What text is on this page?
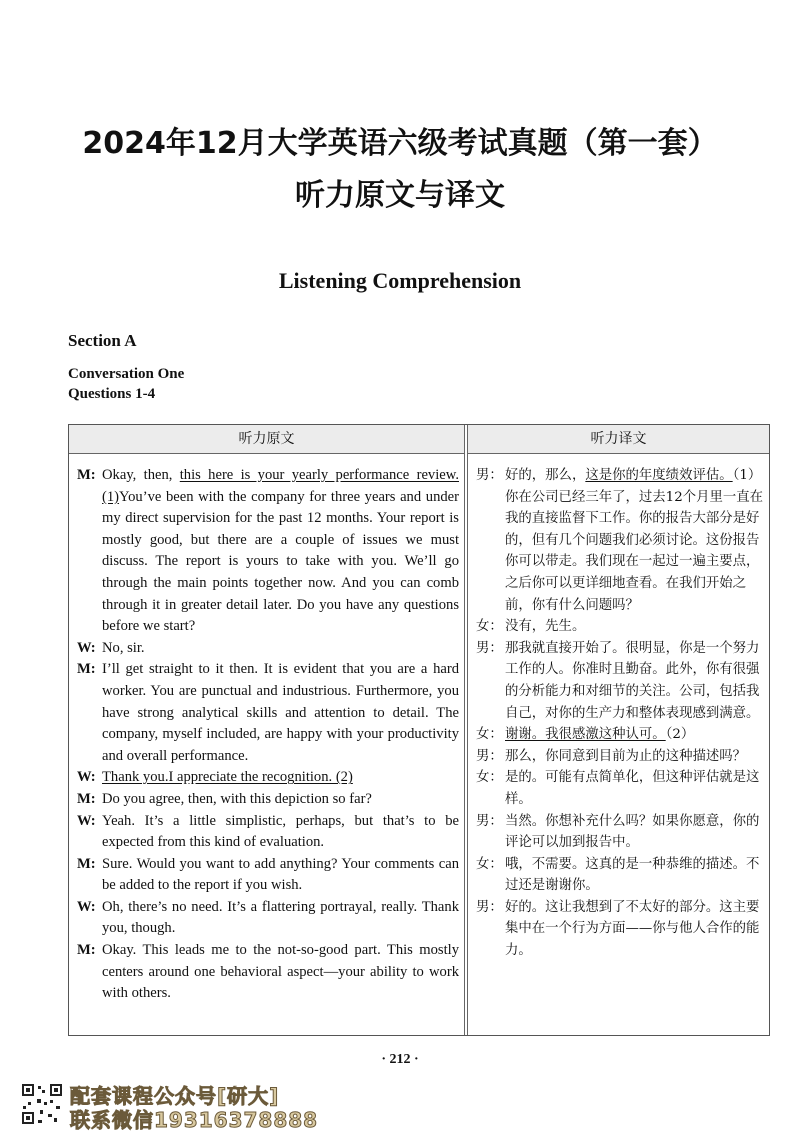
2024年12月大学英语六级考试真题（第一套）
听力原文与译文
Listening Comprehension
Section A
Conversation One
Questions 1-4
听力原文	听力译文
M: Okay, then, this here is your yearly performance review.(1)You’ve been with the company for three years and under my direct supervision for the past 12 months. Your report is mostly good, but there are a couple of issues we must discuss. The report is yours to take with you. We’ll go through the main points together now. And you can comb through it in greater detail later. Do you have any questions before we start?
W: No, sir.
M: I’ll get straight to it then. It is evident that you are a hard worker. You are punctual and industrious. Furthermore, you have strong analytical skills and attention to detail. The company, myself included, are happy with your productivity and overall performance.
W: Thank you.I appreciate the recognition. (2)
M: Do you agree, then, with this depiction so far?
W: Yeah. It’s a little simplistic, perhaps, but that’s to be expected from this kind of evaluation.
M: Sure. Would you want to add anything? Your comments can be added to the report if you wish.
W: Oh, there’s no need. It’s a flattering portrayal, really. Thank you, though.
M: Okay. This leads me to the not-so-good part. This mostly centers around one behavioral aspect—your ability to work with others.
男： 好的，那么，这是你的年度绩效评估。（1）你在公司已经三年了，过去12个月里一直在我的直接监督下工作。你的报告大部分是好的，但有几个问题我们必须讨论。这份报告你可以带走。我们现在一起过一遍主要点，之后你可以更详细地查看。在我们开始之前，你有什么问题吗？
女： 没有，先生。
男： 那我就直接开始了。很明显，你是一个努力工作的人。你准时且勤奋。此外，你有很强的分析能力和对细节的关注。公司，包括我自己，对你的生产力和整体表现感到满意。
女： 谢谢。我很感激这种认可。（2）
男： 那么，你同意到目前为止的这种描述吗？
女： 是的。可能有点简单化，但这种评估就是这样。
男： 当然。你想补充什么吗？如果你愿意，你的评论可以加到报告中。
女： 哦，不需要。这真的是一种恭维的描述。不过还是谢谢你。
男： 好的。这让我想到了不太好的部分。这主要集中在一个行为方面——你与他人合作的能力。
· 212 ·
配套课程公众号[研大]
联系微信19316378888
